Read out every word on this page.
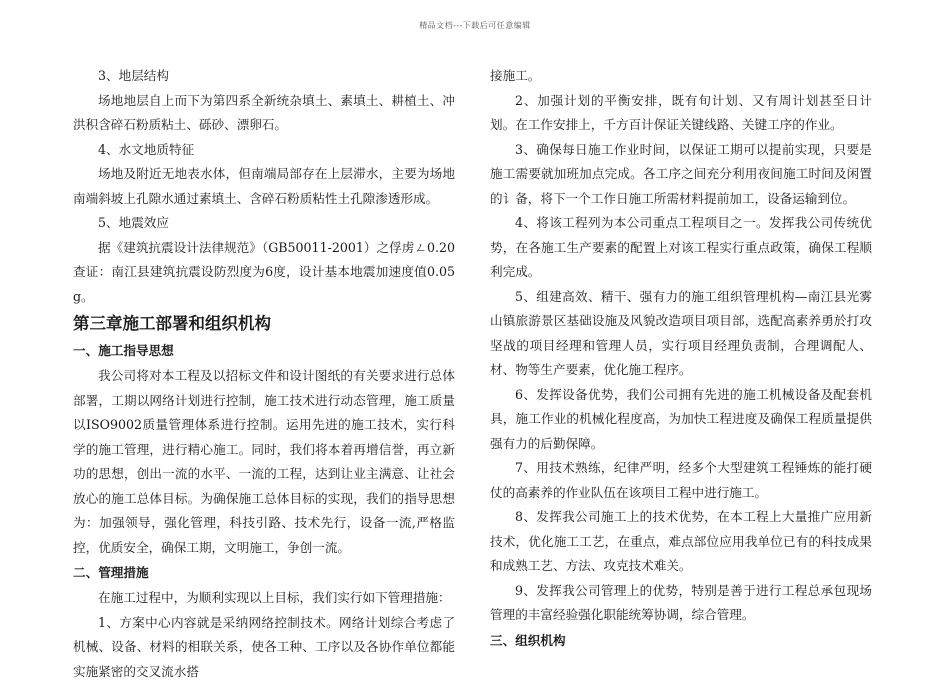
精品文档---下载后可任意编辑

3、地层结构

场地地层自上而下为第四系全新统杂填土、素填土、耕植土、冲洪积含碎石粉质粘土、砾砂、漂卵石。

4、水文地质特征

场地及附近无地表水体，但南端局部存在上层滞水，主要为场地南端斜坡上孔隙水通过素填土、含碎石粉质粘性土孔隙渗透形成。

5、地震效应

据《建筑抗震设计法律规范》（GB50011-2001）之俘虏ㄥ0.20查证：南江县建筑抗震设防烈度为6度，设计基本地震加速度值0.05g。

第三章施工部署和组织机构
一、施工指导思想

我公司将对本工程及以招标文件和设计图纸的有关要求进行总体部署，工期以网络计划进行控制，施工技术进行动态管理，施工质量以ISO9002质量管理体系进行控制。运用先进的施工技术，实行科学的施工管理，进行精心施工。同时，我们将本着再增信誉，再立新功的思想，创出一流的水平、一流的工程，达到让业主满意、让社会放心的施工总体目标。为确保施工总体目标的实现，我们的指导思想为：加强领导，强化管理，科技引路、技术先行，设备一流,严格监控，优质安全，确保工期，文明施工，争创一流。

二、管理措施

在施工过程中，为顺利实现以上目标，我们实行如下管理措施：

1、方案中心内容就是采纳网络控制技术。网络计划综合考虑了机械、设备、材料的相联关系，使各工种、工序以及各协作单位都能实施紧密的交叉流水搭

接施工。

2、加强计划的平衡安排，既有旬计划、又有周计划甚至日计划。在工作安排上，千方百计保证关键线路、关键工序的作业。

3、确保每日施工作业时间，以保证工期可以提前实现，只要是施工需要就加班加点完成。各工序之间充分利用夜间施工时间及闲置的讠备，将下一个工作日施工所需材料提前加工，设备运输到位。

4、将该工程列为本公司重点工程项目之一。发挥我公司传统优势，在各施工生产要素的配置上对该工程实行重点政策，确保工程顺利完成。

5、组建高效、精干、强有力的施工组织管理机构—南江县光雾山镇旅游景区基础设施及风貌改造项目项目部，选配高素养勇於打攻坚战的项目经理和管理人员，实行项目经理负责制，合理调配人、材、物等生产要素，优化施工程序。

6、发挥设备优势，我们公司拥有先进的施工机械设备及配套机具，施工作业的机械化程度高，为加快工程进度及确保工程质量提供强有力的后勤保障。

7、用技术熟练，纪律严明，经多个大型建筑工程锤炼的能打硬仗的高素养的作业队伍在该项目工程中进行施工。

8、发挥我公司施工上的技术优势，在本工程上大量推广应用新技术，优化施工工艺，在重点，难点部位应用我单位已有的科技成果和成熟工艺、方法、攻克技术难关。

9、发挥我公司管理上的优势，特别是善于进行工程总承包现场管理的丰富经验强化职能统筹协调，综合管理。

三、组织机构
